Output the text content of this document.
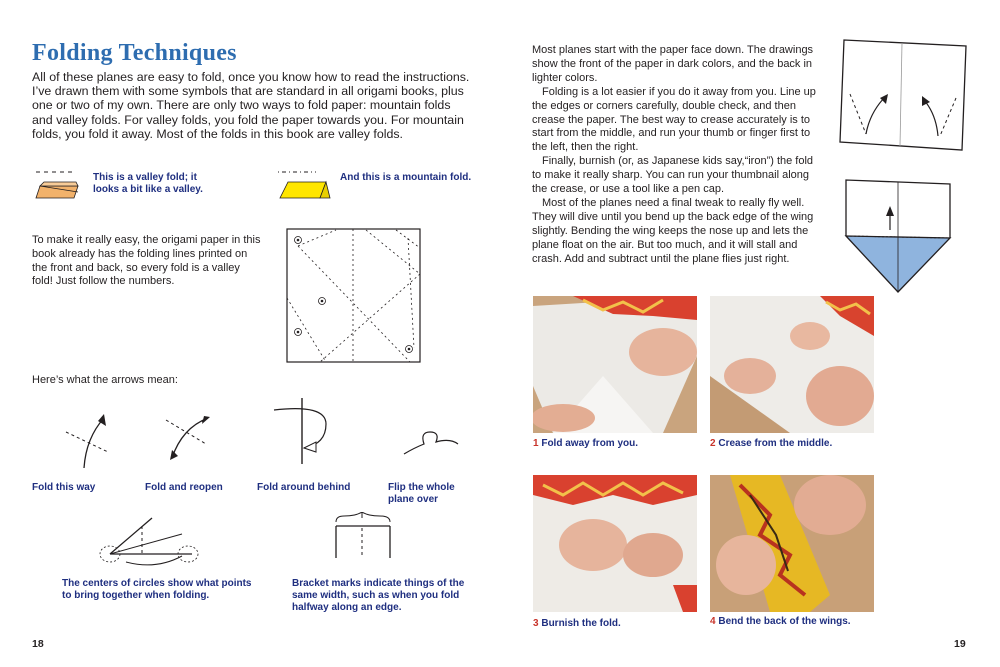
Folding Techniques
All of these planes are easy to fold, once you know how to read the instructions. I’ve drawn them with some symbols that are standard in all origami books, plus one or two of my own. There are only two ways to fold paper: mountain folds and valley folds. For valley folds, you fold the paper towards you. For mountain folds, you fold it away. Most of the folds in this book are valley folds.
This is a valley fold; it looks a bit like a valley.
And this is a mountain fold.
To make it really easy, the origami paper in this book already has the folding lines printed on the front and back, so every fold is a valley fold! Just follow the numbers.
Here’s what the arrows mean:
Fold this way	Fold and reopen	Fold around behind	Flip the whole plane over
The centers of circles show what points to bring together when folding.
Bracket marks indicate things of the same width, such as when you fold halfway along an edge.
18

Most planes start with the paper face down. The drawings show the front of the paper in dark colors, and the back in lighter colors.

Folding is a lot easier if you do it away from you. Line up the edges or corners carefully, double check, and then crease the paper. The best way to crease accurately is to start from the middle, and run your thumb or finger first to the left, then the right.

Finally, burnish (or, as Japanese kids say,“iron”) the fold to make it really sharp. You can run your thumbnail along the crease, or use a tool like a pen cap.

Most of the planes need a final tweak to really fly well. They will dive until you bend up the back edge of the wing slightly. Bending the wing keeps the nose up and lets the plane float on the air. But too much, and it will stall and crash. Add and subtract until the plane flies just right.

1 Fold away from you.	2 Crease from the middle.
3 Burnish the fold.	4 Bend the back of the wings.
19
